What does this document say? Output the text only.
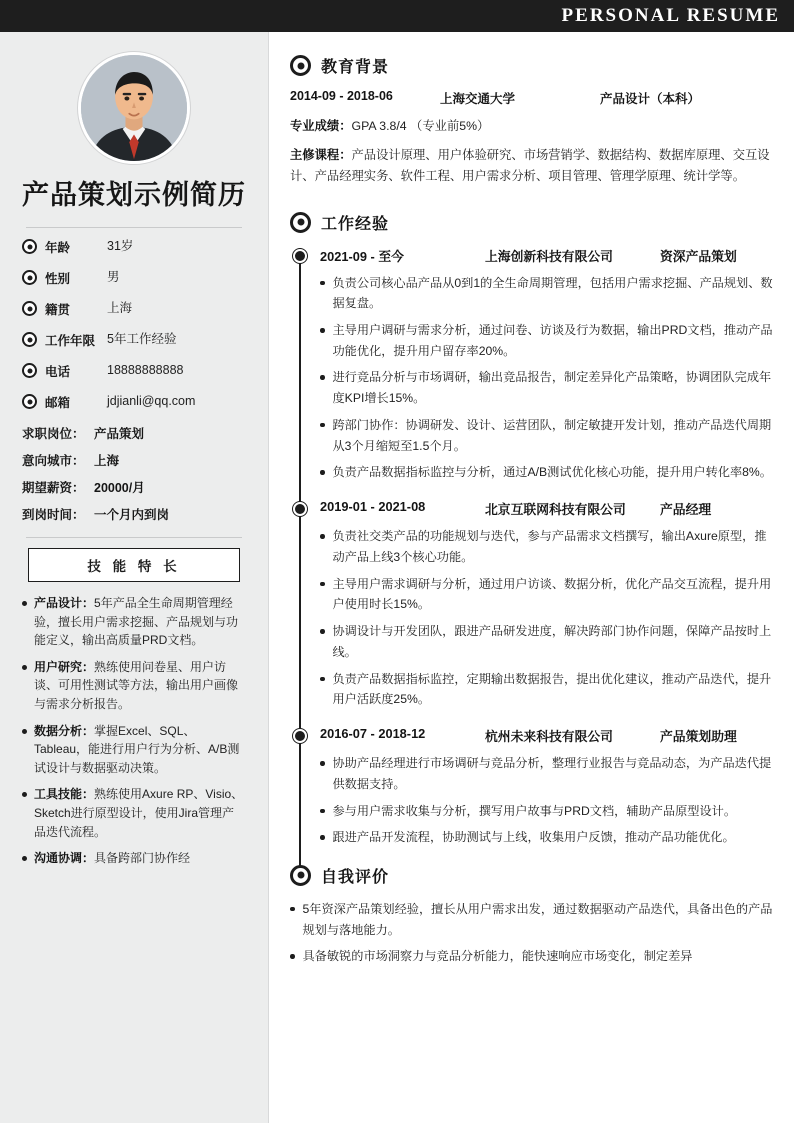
PERSONAL RESUME
产品策划示例简历
年龄	31岁
性别	男
籍贯	上海
工作年限 5年工作经验
电话	18888888888
邮箱	jdjianli@qq.com
求职岗位： 产品策划
意向城市： 上海
期望薪资： 20000/月
到岗时间： 一个月内到岗
技 能 特 长
产品设计：5年产品全生命周期管理经验，擅长用户需求挖掘、产品规划与功能定义，输出高质量PRD文档。
用户研究：熟练使用问卷星、用户访谈、可用性测试等方法，输出用户画像与需求分析报告。
数据分析：掌握Excel、SQL、Tableau，能进行用户行为分析、A/B测试设计与数据驱动决策。
工具技能：熟练使用Axure RP、Visio、Sketch进行原型设计，使用Jira管理产品迭代流程。
沟通协调：具备跨部门协作经
教育背景
2014-09 - 2018-06	上海交通大学	产品设计（本科）
专业成绩：GPA 3.8/4 （专业前5%）
主修课程：产品设计原理、用户体验研究、市场营销学、数据结构、数据库原理、交互设计、产品经理实务、软件工程、用户需求分析、项目管理、管理学原理、统计学等。
工作经验
2021-09 - 至今	上海创新科技有限公司	资深产品策划
负责公司核心品产品从0到1的全生命周期管理，包括用户需求挖掘、产品规划、数据复盘。
主导用户调研与需求分析，通过问卷、访谈及行为数据，输出PRD文档，推动产品功能优化，提升用户留存率20%。
进行竞品分析与市场调研，输出竞品报告，制定差异化产品策略，协调团队完成年度KPI增长15%。
跨部门协作：协调研发、设计、运营团队，制定敏捷开发计划，推动产品迭代周期从3个月缩短至1.5个月。
负责产品数据指标监控与分析，通过A/B测试优化核心功能，提升用户转化率8%。
2019-01 - 2021-08	北京互联网科技有限公司	产品经理
负责社交类产品的功能规划与迭代，参与产品需求文档撰写，输出Axure原型，推动产品上线3个核心功能。
主导用户需求调研与分析，通过用户访谈、数据分析，优化产品交互流程，提升用户使用时长15%。
协调设计与开发团队，跟进产品研发进度，解决跨部门协作问题，保障产品按时上线。
负责产品数据指标监控，定期输出数据报告，提出优化建议，推动产品迭代，提升用户活跃度25%。
2016-07 - 2018-12	杭州未来科技有限公司	产品策划助理
协助产品经理进行市场调研与竞品分析，整理行业报告与竞品动态，为产品迭代提供数据支持。
参与用户需求收集与分析，撰写用户故事与PRD文档，辅助产品原型设计。
跟进产品开发流程，协助测试与上线，收集用户反馈，推动产品功能优化。
自我评价
5年资深产品策划经验，擅长从用户需求出发，通过数据驱动产品迭代，具备出色的产品规划与落地能力。
具备敏锐的市场洞察力与竞品分析能力，能快速响应市场变化，制定差异
